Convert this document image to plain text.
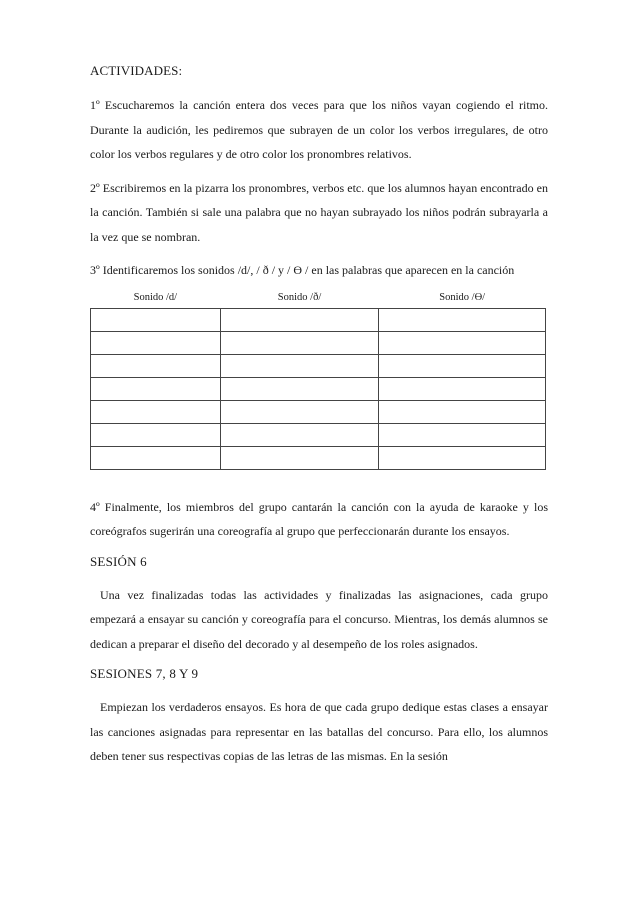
ACTIVIDADES:

1º Escucharemos la canción entera dos veces para que los niños vayan cogiendo el ritmo. Durante la audición, les pediremos que subrayen de un color los verbos irregulares, de otro color los verbos regulares y de otro color los pronombres relativos.

2º Escribiremos en la pizarra los pronombres, verbos etc. que los alumnos hayan encontrado en la canción. También si sale una palabra que no hayan subrayado los niños podrán subrayarla a la vez que se nombran.

3º Identificaremos los sonidos /d/, / ð / y / Ө / en las palabras que aparecen en la canción

Sonido /d/	Sonido /ð/	Sonido /Ө/

4º Finalmente, los miembros del grupo cantarán la canción con la ayuda de karaoke y los coreógrafos sugerirán una coreografía al grupo que perfeccionarán durante los ensayos.

SESIÓN 6

Una vez finalizadas todas las actividades y finalizadas las asignaciones, cada grupo empezará a ensayar su canción y coreografía para el concurso. Mientras, los demás alumnos se dedican a preparar el diseño del decorado y al desempeño de los roles asignados.

SESIONES 7, 8 Y 9

Empiezan los verdaderos ensayos. Es hora de que cada grupo dedique estas clases a ensayar las canciones asignadas para representar en las batallas del concurso. Para ello, los alumnos deben tener sus respectivas copias de las letras de las mismas. En la sesión
